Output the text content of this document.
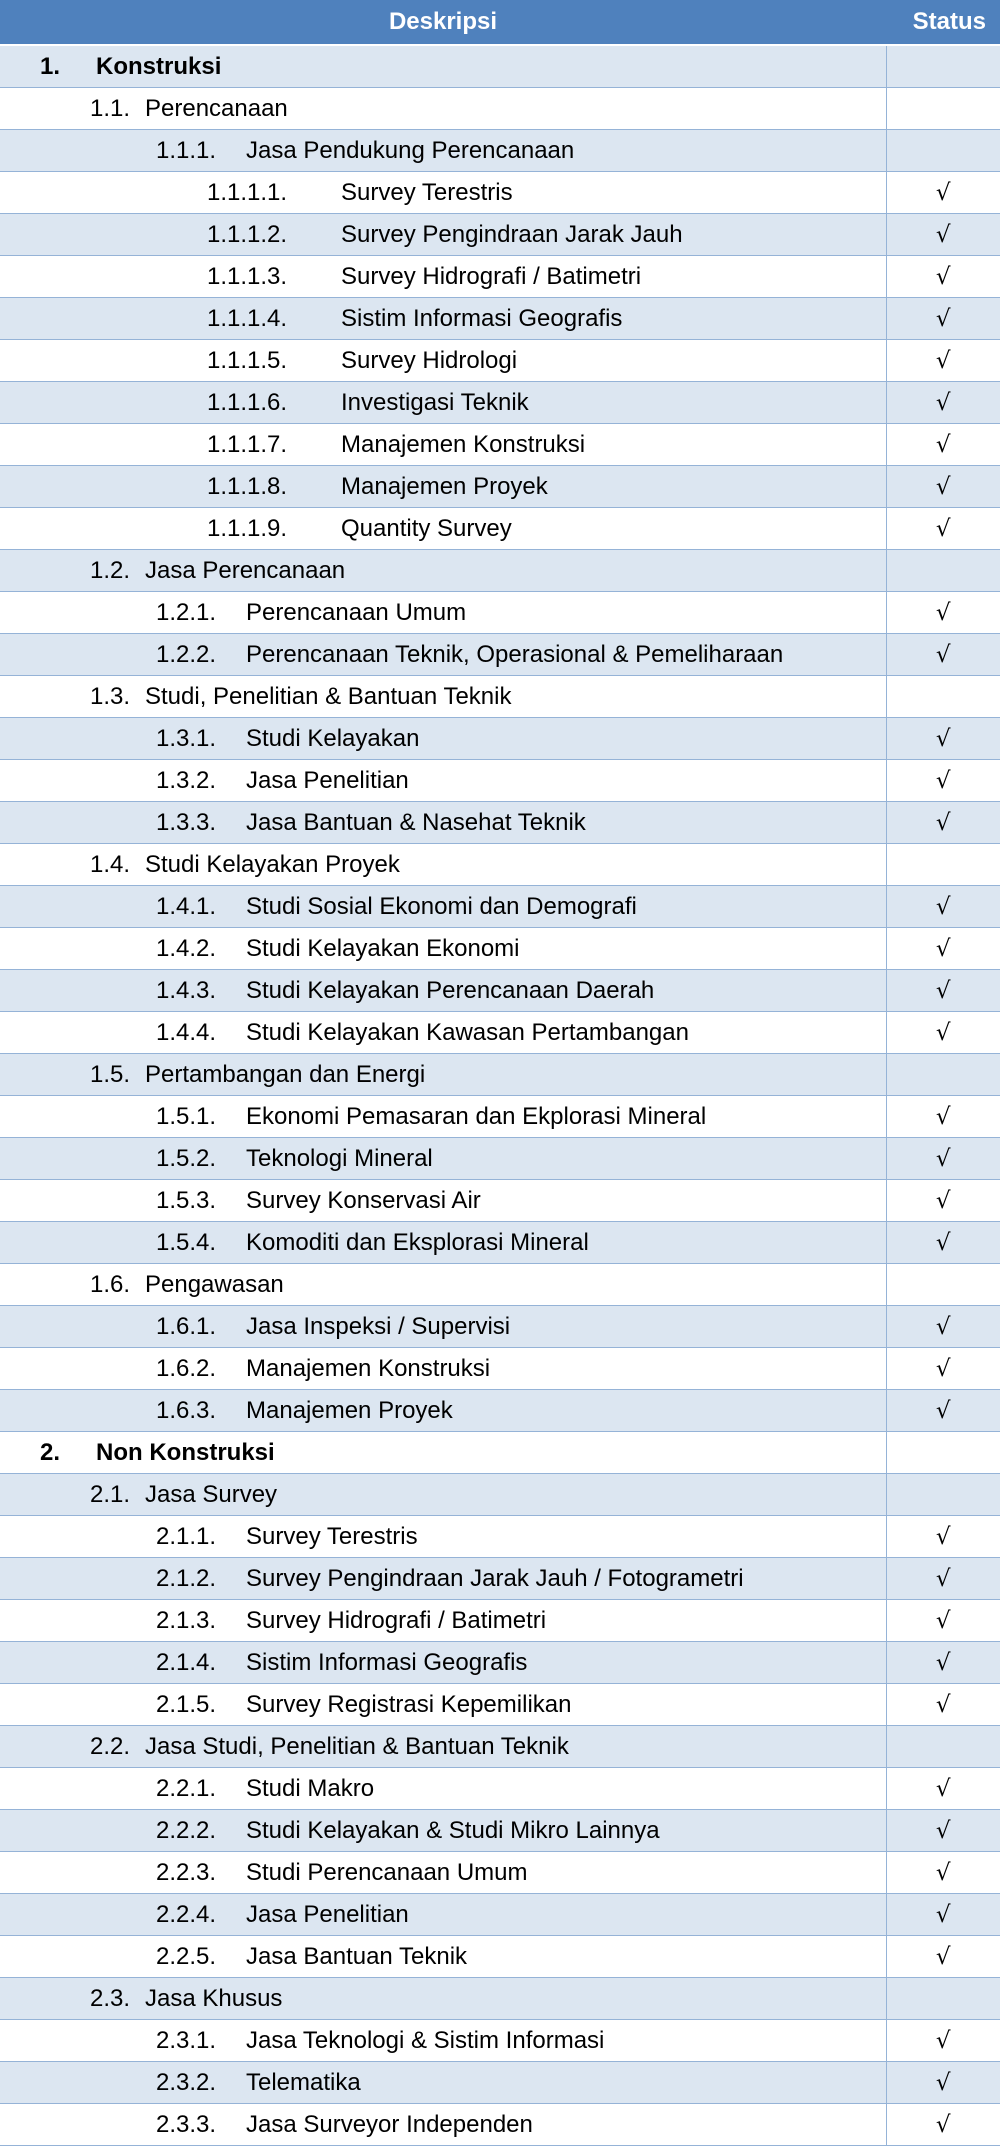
Deskripsi	Status
1. Konstruksi	
1.1. Perencanaan	
1.1.1. Jasa Pendukung Perencanaan	
1.1.1.1. Survey Terestris	√
1.1.1.2. Survey Pengindraan Jarak Jauh	√
1.1.1.3. Survey Hidrografi / Batimetri	√
1.1.1.4. Sistim Informasi Geografis	√
1.1.1.5. Survey Hidrologi	√
1.1.1.6. Investigasi Teknik	√
1.1.1.7. Manajemen Konstruksi	√
1.1.1.8. Manajemen Proyek	√
1.1.1.9. Quantity Survey	√
1.2. Jasa Perencanaan	
1.2.1. Perencanaan Umum	√
1.2.2. Perencanaan Teknik, Operasional & Pemeliharaan	√
1.3. Studi, Penelitian & Bantuan Teknik	
1.3.1. Studi Kelayakan	√
1.3.2. Jasa Penelitian	√
1.3.3. Jasa Bantuan & Nasehat Teknik	√
1.4. Studi Kelayakan Proyek	
1.4.1. Studi Sosial Ekonomi dan Demografi	√
1.4.2. Studi Kelayakan Ekonomi	√
1.4.3. Studi Kelayakan Perencanaan Daerah	√
1.4.4. Studi Kelayakan Kawasan Pertambangan	√
1.5. Pertambangan dan Energi	
1.5.1. Ekonomi Pemasaran dan Ekplorasi Mineral	√
1.5.2. Teknologi Mineral	√
1.5.3. Survey Konservasi Air	√
1.5.4. Komoditi dan Eksplorasi Mineral	√
1.6. Pengawasan	
1.6.1. Jasa Inspeksi / Supervisi	√
1.6.2. Manajemen Konstruksi	√
1.6.3. Manajemen Proyek	√
2. Non Konstruksi	
2.1. Jasa Survey	
2.1.1. Survey Terestris	√
2.1.2. Survey Pengindraan Jarak Jauh / Fotogrametri	√
2.1.3. Survey Hidrografi / Batimetri	√
2.1.4. Sistim Informasi Geografis	√
2.1.5. Survey Registrasi Kepemilikan	√
2.2. Jasa Studi, Penelitian & Bantuan Teknik	
2.2.1. Studi Makro	√
2.2.2. Studi Kelayakan & Studi Mikro Lainnya	√
2.2.3. Studi Perencanaan Umum	√
2.2.4. Jasa Penelitian	√
2.2.5. Jasa Bantuan Teknik	√
2.3. Jasa Khusus	
2.3.1. Jasa Teknologi & Sistim Informasi	√
2.3.2. Telematika	√
2.3.3. Jasa Surveyor Independen	√
